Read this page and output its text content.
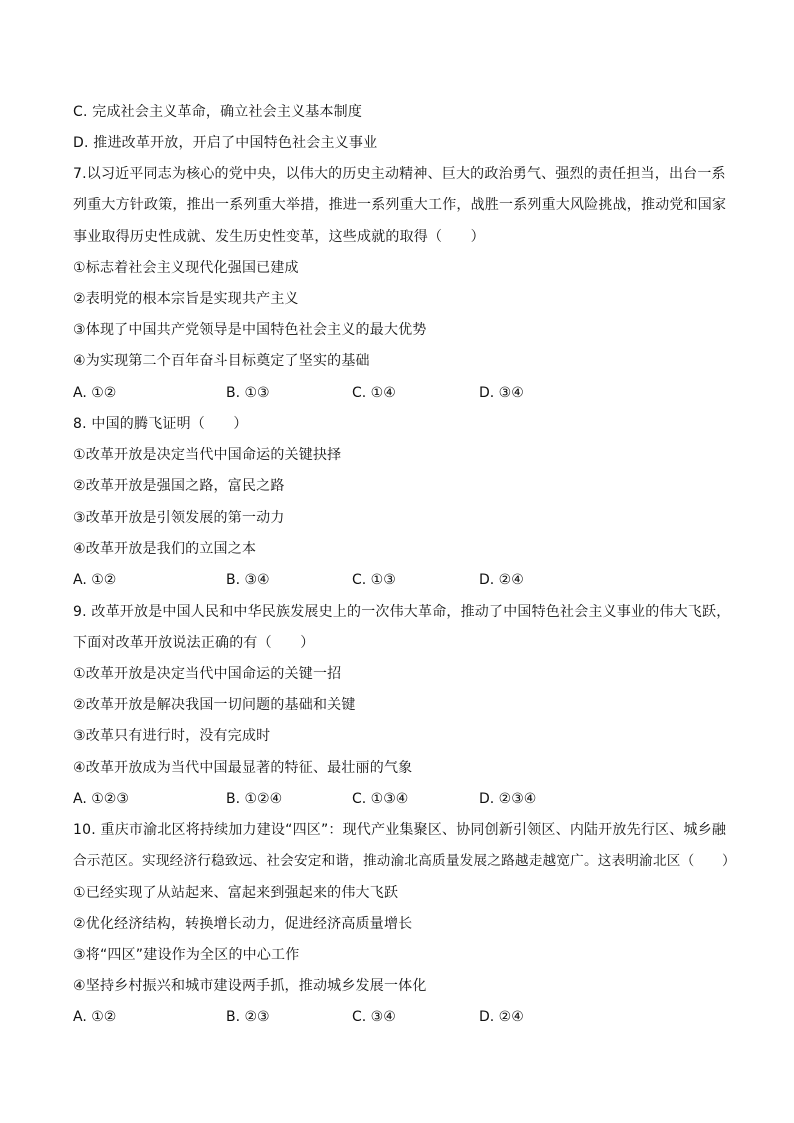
C. 完成社会主义革命，确立社会主义基本制度
D. 推进改革开放，开启了中国特色社会主义事业
7.以习近平同志为核心的党中央，以伟大的历史主动精神、巨大的政治勇气、强烈的责任担当，出台一系
列重大方针政策，推出一系列重大举措，推进一系列重大工作，战胜一系列重大风险挑战，推动党和国家
事业取得历史性成就、发生历史性变革，这些成就的取得（　　）
①标志着社会主义现代化强国已建成
②表明党的根本宗旨是实现共产主义
③体现了中国共产党领导是中国特色社会主义的最大优势
④为实现第二个百年奋斗目标奠定了坚实的基础
A. ①②	B. ①③	C. ①④	D. ③④
8. 中国的腾飞证明（　　）
①改革开放是决定当代中国命运的关键抉择
②改革开放是强国之路，富民之路
③改革开放是引领发展的第一动力
④改革开放是我们的立国之本
A. ①②	B. ③④	C. ①③	D. ②④
9. 改革开放是中国人民和中华民族发展史上的一次伟大革命，推动了中国特色社会主义事业的伟大飞跃，
下面对改革开放说法正确的有（　　）
①改革开放是决定当代中国命运的关键一招
②改革开放是解决我国一切问题的基础和关键
③改革只有进行时，没有完成时
④改革开放成为当代中国最显著的特征、最壮丽的气象
A. ①②③	B. ①②④	C. ①③④	D. ②③④
10. 重庆市渝北区将持续加力建设“四区”：现代产业集聚区、协同创新引领区、内陆开放先行区、城乡融
合示范区。实现经济行稳致远、社会安定和谐，推动渝北高质量发展之路越走越宽广。这表明渝北区（　　）
①已经实现了从站起来、富起来到强起来的伟大飞跃
②优化经济结构，转换增长动力，促进经济高质量增长
③将“四区”建设作为全区的中心工作
④坚持乡村振兴和城市建设两手抓，推动城乡发展一体化
A. ①②	B. ②③	C. ③④	D. ②④
